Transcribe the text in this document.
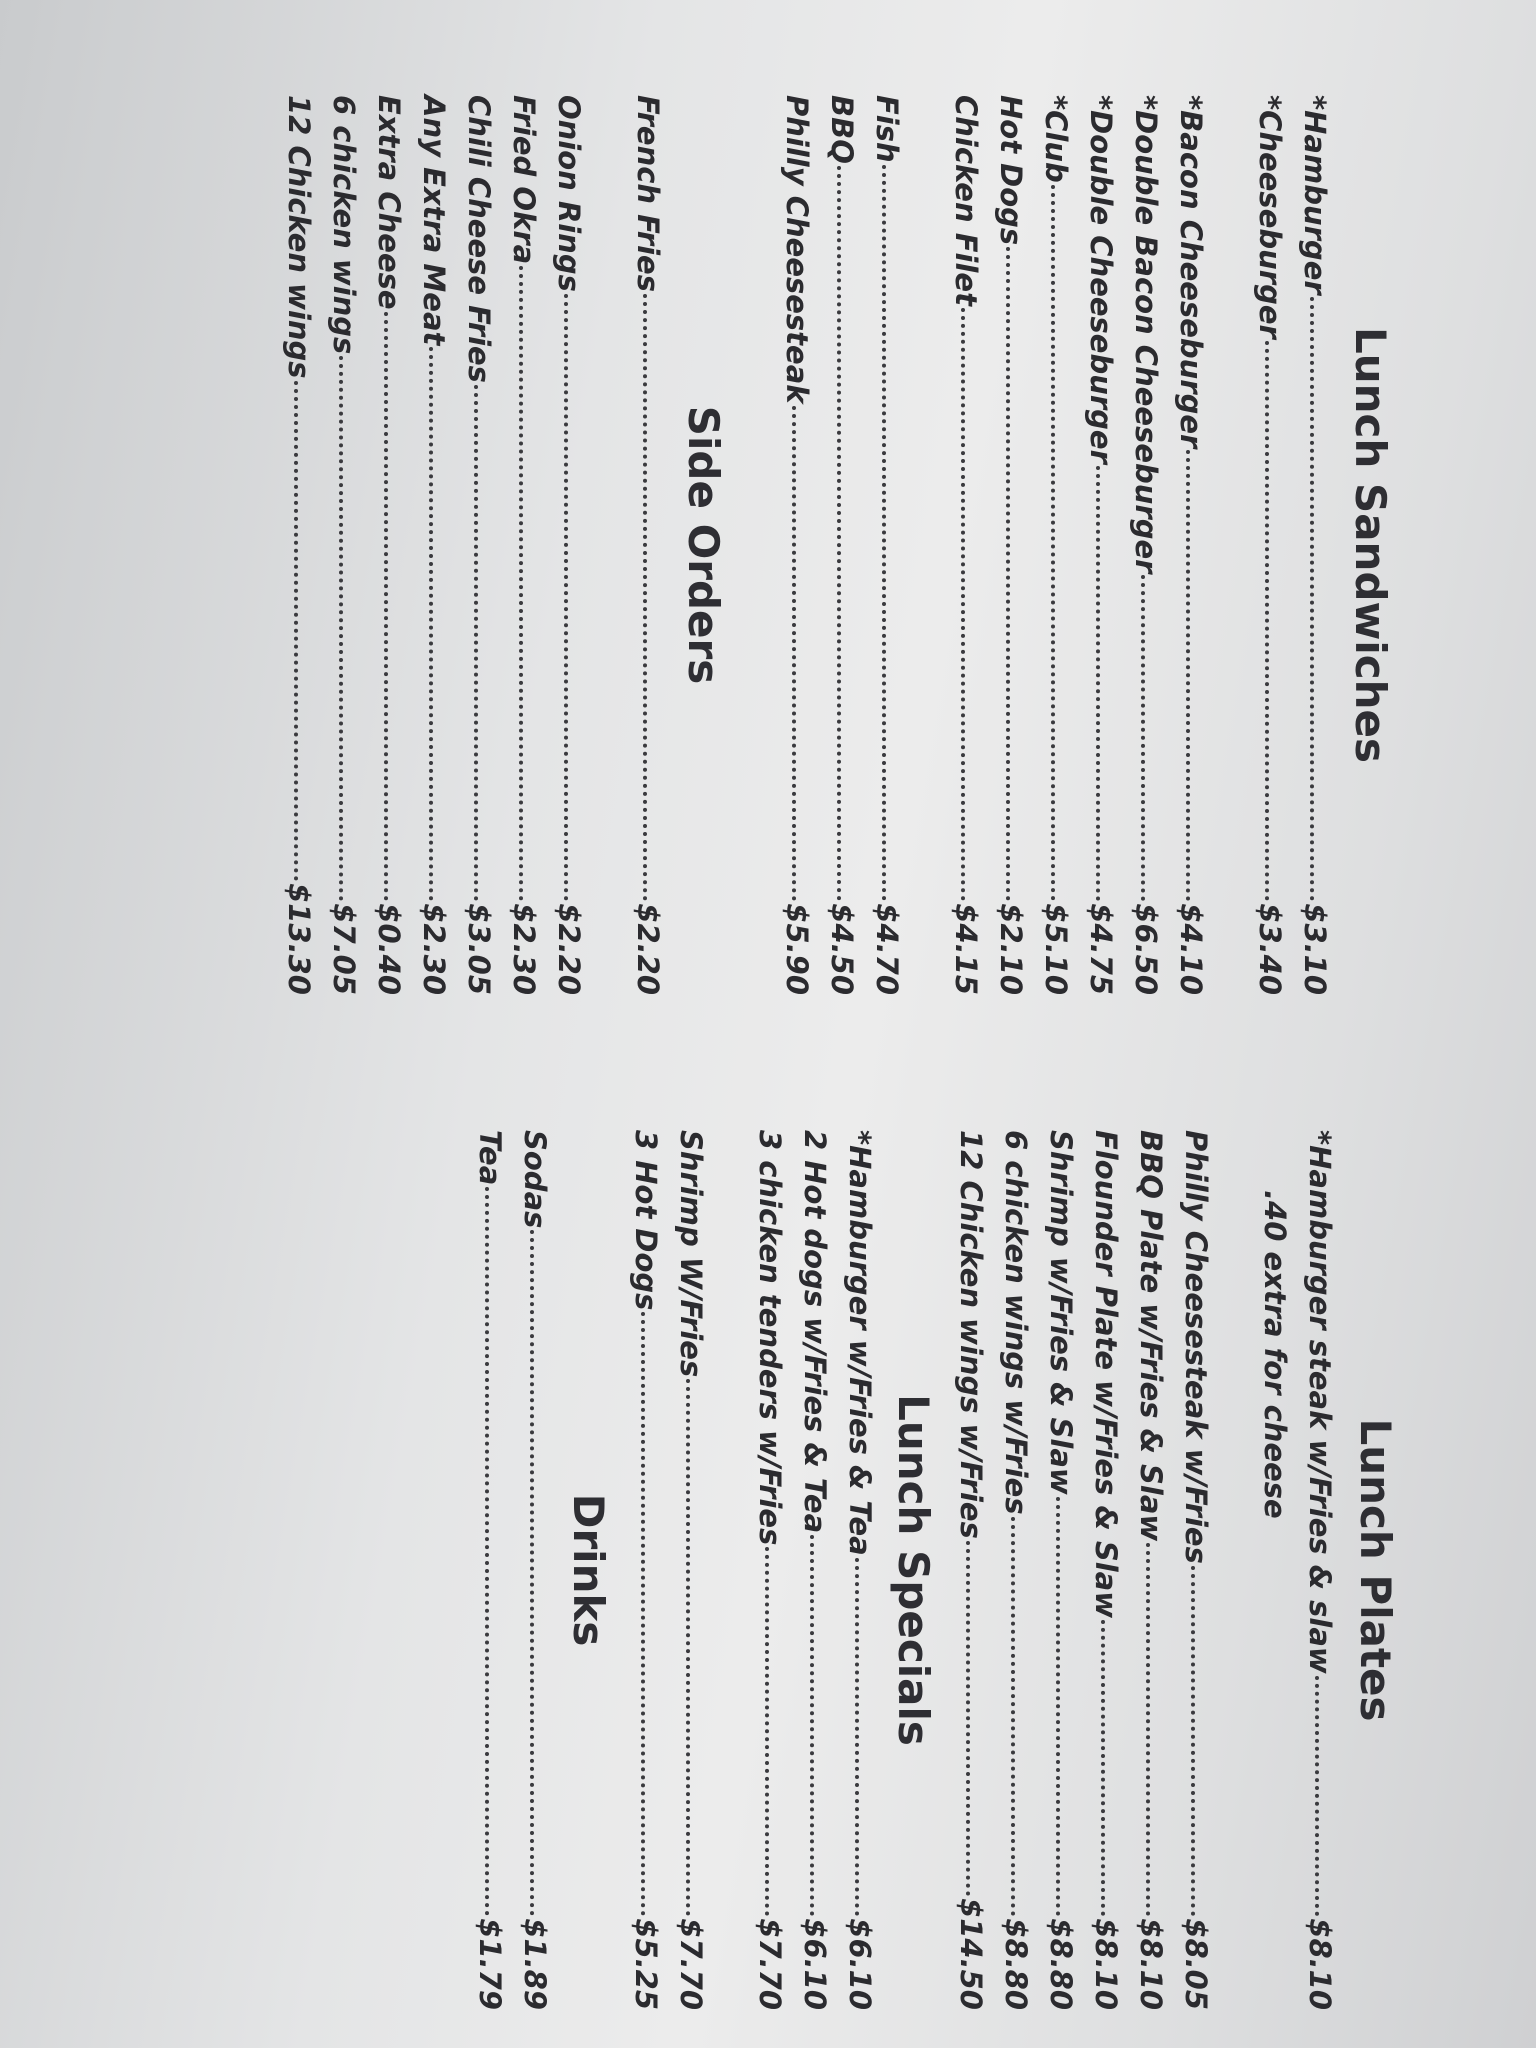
Lunch Sandwiches
*Hamburger
$3.10
*Cheeseburger
$3.40
*Bacon Cheeseburger
$4.10
*Double Bacon Cheeseburger
$6.50
*Double Cheeseburger
$4.75
*Club
$5.10
Hot Dogs
$2.10
Chicken Filet
$4.15
Fish
$4.70
BBQ
$4.50
Philly Cheesesteak
$5.90
Side Orders
French Fries
$2.20
Onion Rings
$2.20
Fried Okra
$2.30
Chili Cheese Fries
$3.05
Any Extra Meat
$2.30
Extra Cheese
$0.40
6 chicken wings
$7.05
12 Chicken wings
$13.30
Lunch Plates
*Hamburger steak w/Fries & slaw
$8.10
.40 extra for cheese
Philly Cheesesteak w/Fries
$8.05
BBQ Plate w/Fries & Slaw
$8.10
Flounder Plate w/Fries & Slaw
$8.10
Shrimp w/Fries & Slaw
$8.80
6 chicken wings w/Fries
$8.80
12 Chicken wings w/Fries
$14.50
Lunch Specials
*Hamburger w/Fries & Tea
$6.10
2 Hot dogs w/Fries & Tea
$6.10
3 chicken tenders w/Fries
$7.70
Shrimp W/Fries
$7.70
3 Hot Dogs
$5.25
Drinks
Sodas
$1.89
Tea
$1.79
